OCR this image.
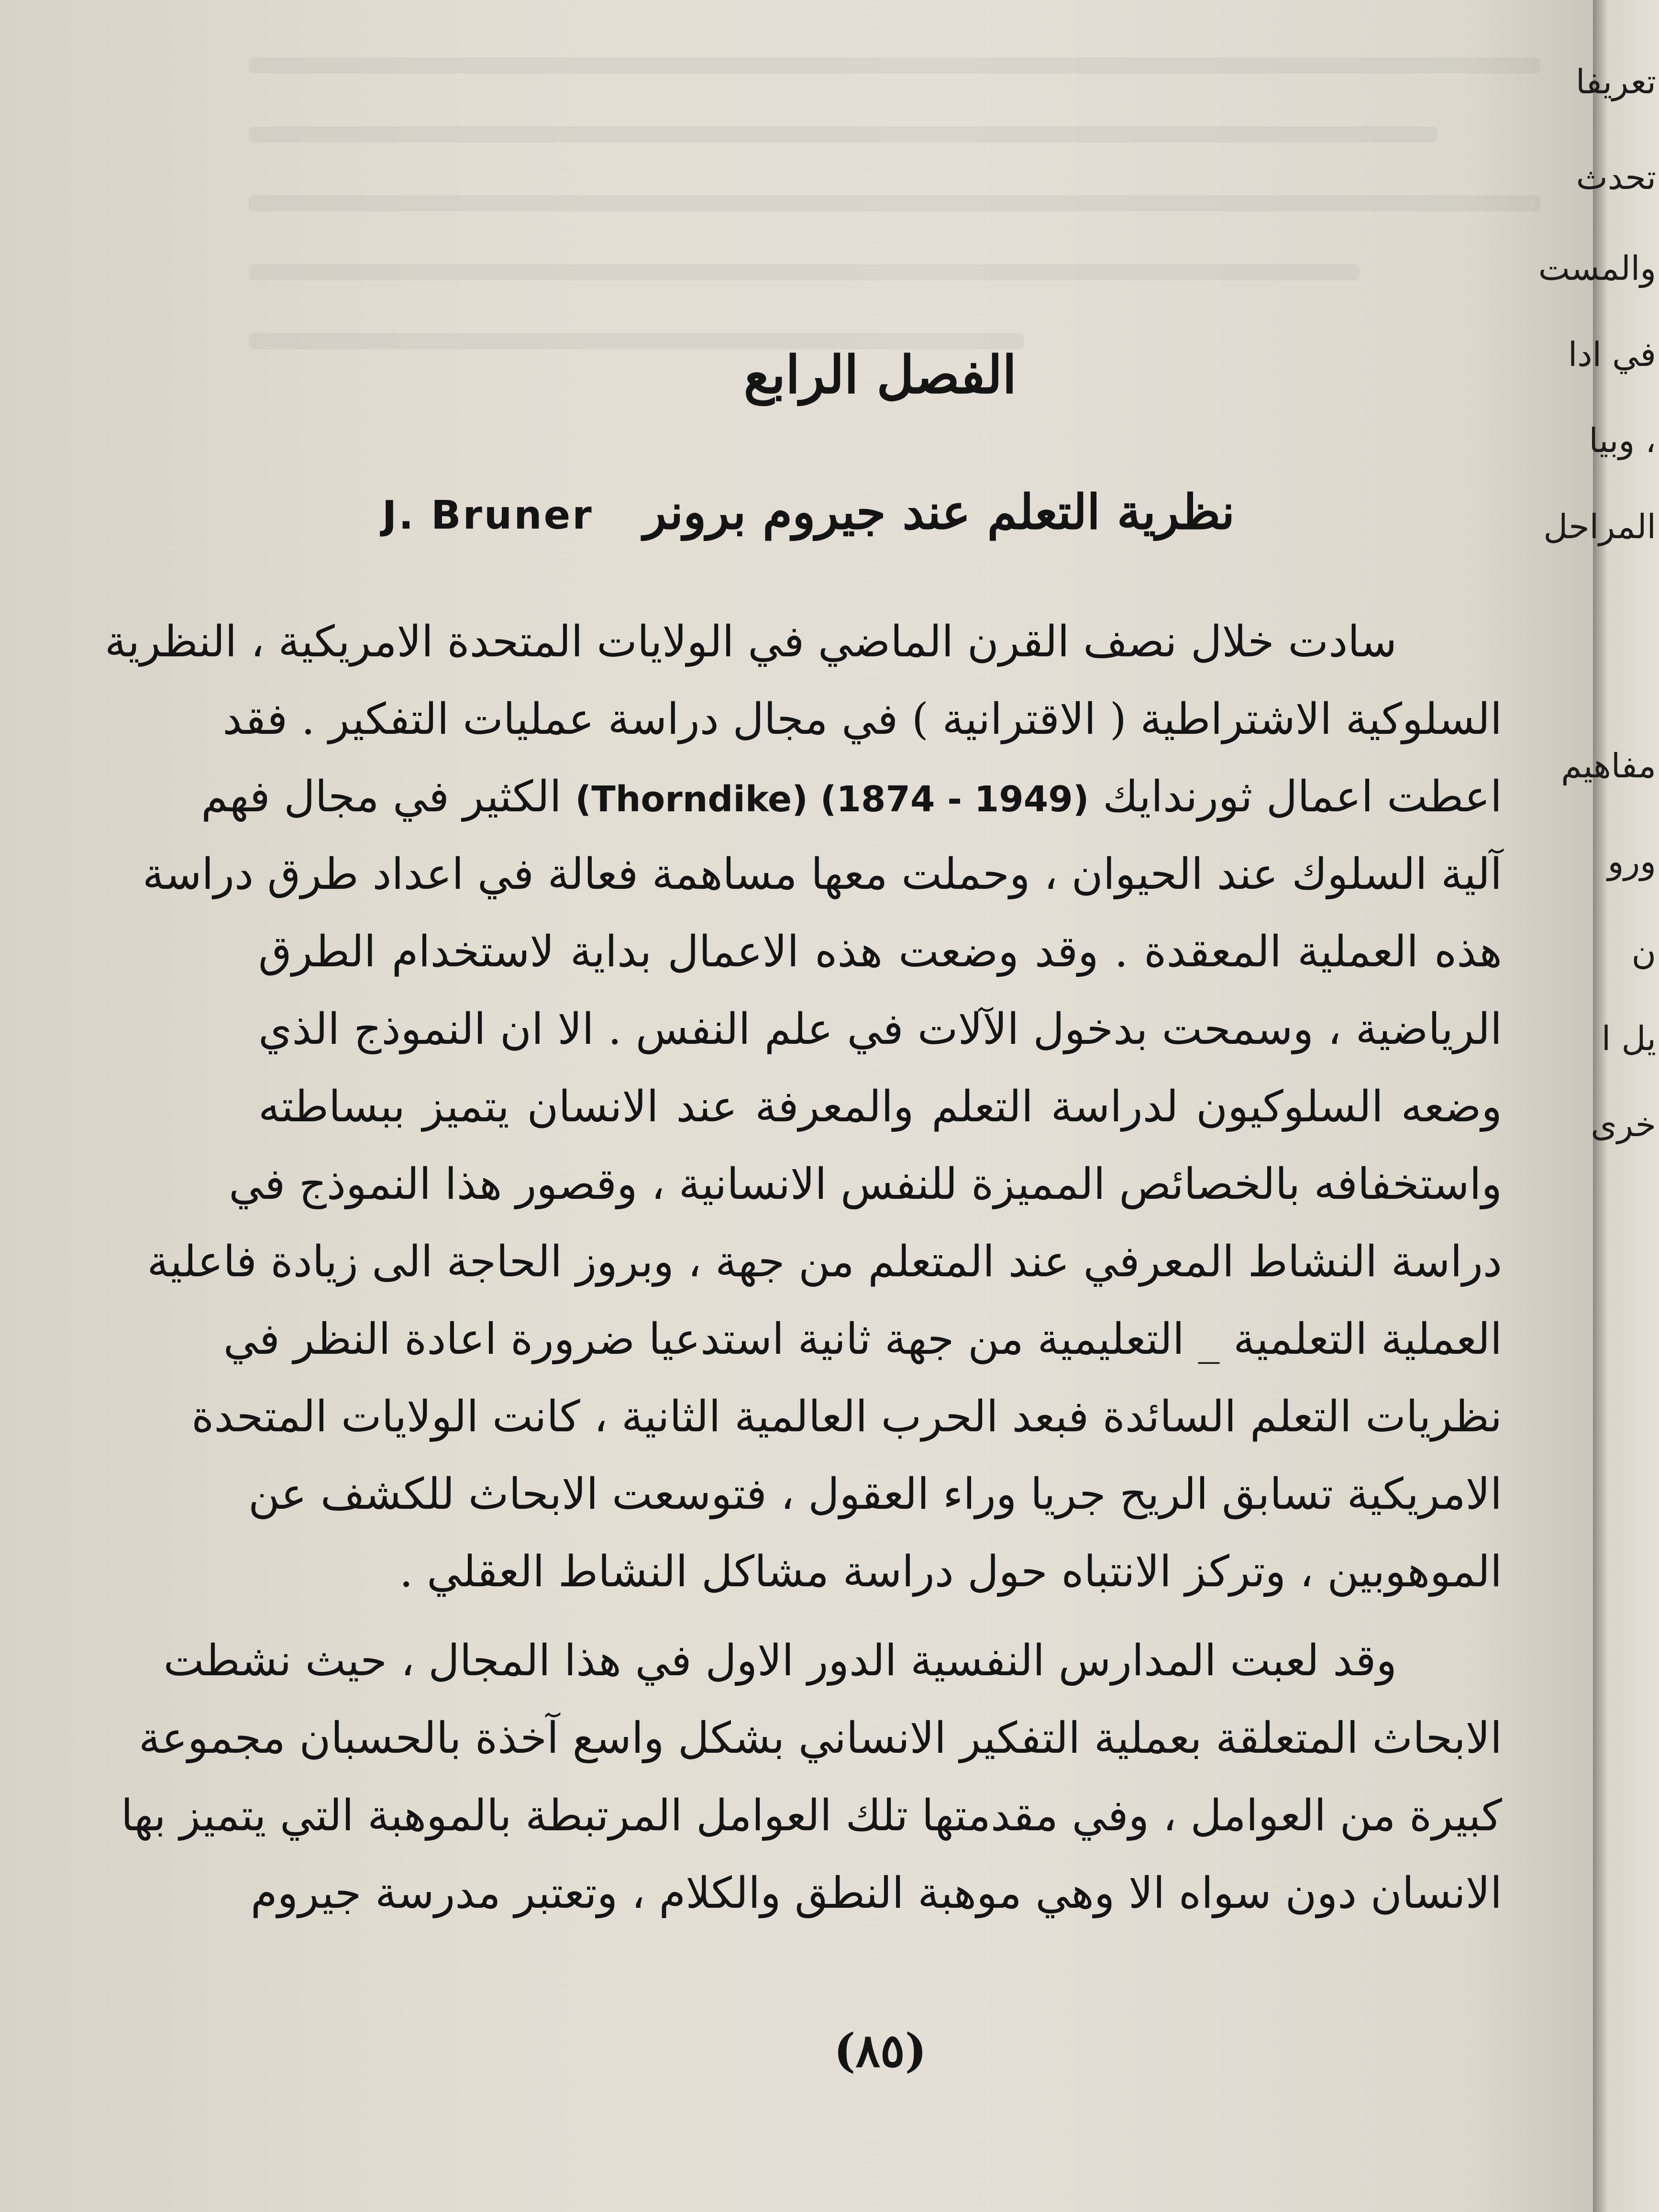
الفصل الرابع
نظرية التعلم عند جيروم برونر   J. Bruner
سادت خلال نصف القرن الماضي في الولايات المتحدة الامريكية ، النظرية
السلوكية الاشتراطية ( الاقترانية ) في مجال دراسة عمليات التفكير . فقد
اعطت اعمال ثورندايك (Thorndike) (1874 - 1949) الكثير في مجال فهم
آلية السلوك عند الحيوان ، وحملت معها مساهمة فعالة في اعداد طرق دراسة
هذه العملية المعقدة . وقد وضعت هذه الاعمال بداية لاستخدام الطرق
الرياضية ، وسمحت بدخول الآلات في علم النفس . الا ان النموذج الذي
وضعه السلوكيون لدراسة التعلم والمعرفة عند الانسان يتميز ببساطته
واستخفافه بالخصائص المميزة للنفس الانسانية ، وقصور هذا النموذج في
دراسة النشاط المعرفي عند المتعلم من جهة ، وبروز الحاجة الى زيادة فاعلية
العملية التعلمية _ التعليمية من جهة ثانية استدعيا ضرورة اعادة النظر في
نظريات التعلم السائدة فبعد الحرب العالمية الثانية ، كانت الولايات المتحدة
الامريكية تسابق الريح جريا وراء العقول ، فتوسعت الابحاث للكشف عن
الموهوبين ، وتركز الانتباه حول دراسة مشاكل النشاط العقلي .
وقد لعبت المدارس النفسية الدور الاول في هذا المجال ، حيث نشطت
الابحاث المتعلقة بعملية التفكير الانساني بشكل واسع آخذة بالحسبان مجموعة
كبيرة من العوامل ، وفي مقدمتها تلك العوامل المرتبطة بالموهبة التي يتميز بها
الانسان دون سواه الا وهي موهبة النطق والكلام ، وتعتبر مدرسة جيروم
(٨٥)
تعريفا
تحدث
والمست
في ادا
، وبيا
المراحل
مفاهيم
ورو
ن
يل ا
خرى
